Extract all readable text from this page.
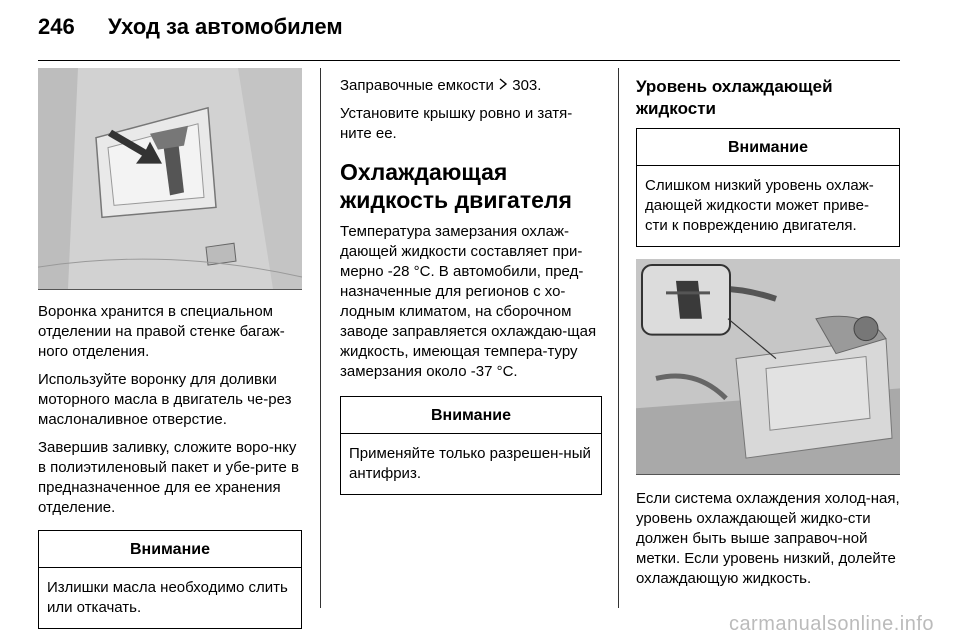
246	Уход за автомобилем

Воронка хранится в специальном отделении на правой стенке багаж-ного отделения.

Используйте воронку для доливки моторного масла в двигатель че-рез маслоналивное отверстие.

Завершив заливку, сложите воро-нку в полиэтиленовый пакет и убе-рите в предназначенное для ее хранения отделение.

Внимание
Излишки масла необходимо слить или откачать.

Заправочные емкости  303.

Установите крышку ровно и затя-ните ее.

Охлаждающая жидкость двигателя

Температура замерзания охлаж-дающей жидкости составляет при-мерно -28 °C. В автомобили, пред-назначенные для регионов с хо-лодным климатом, на сборочном заводе заправляется охлаждаю-щая жидкость, имеющая темпера-туру замерзания около -37 °C.

Внимание
Применяйте только разрешен-ный антифриз.
Уровень охлаждающей жидкости
Внимание
Слишком низкий уровень охлаж-дающей жидкости может приве-сти к повреждению двигателя.

Если система охлаждения холод-ная, уровень охлаждающей жидко-сти должен быть выше заправоч-ной метки. Если уровень низкий, долейте охлаждающую жидкость.

carmanualsonline.info
